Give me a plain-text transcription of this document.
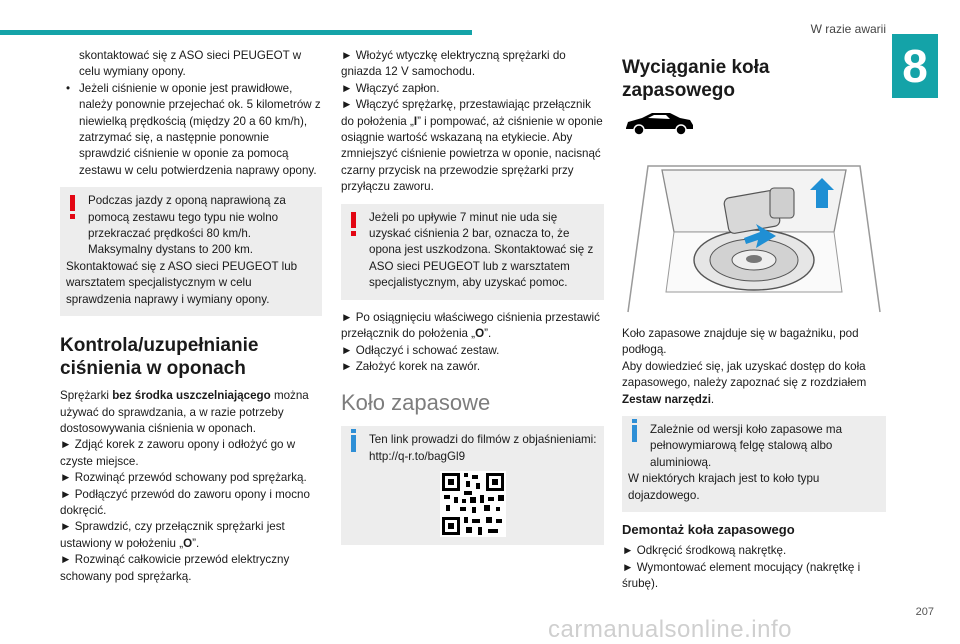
W razie awarii
8

skontaktować się z ASO sieci PEUGEOT w celu wymiany opony.

• Jeżeli ciśnienie w oponie jest prawidłowe, należy ponownie przejechać ok. 5 kilometrów z niewielką prędkością (między 20 a 60 km/h), zatrzymać się, a następnie ponownie sprawdzić ciśnienie w oponie za pomocą zestawu w celu potwierdzenia naprawy opony.

Podczas jazdy z oponą naprawioną za
pomocą zestawu tego typu nie wolno przekraczać prędkości 80 km/h. Maksymalny dystans to 200 km.
Skontaktować się z ASO sieci PEUGEOT lub warsztatem specjalistycznym w celu sprawdzenia naprawy i wymiany opony.
Kontrola/uzupełnianie ciśnienia w oponach

Sprężarki bez środka uszczelniającego można używać do sprawdzania, a w razie potrzeby dostosowywania ciśnienia w oponach.

► Zdjąć korek z zaworu opony i odłożyć go w czyste miejsce.

► Rozwinąć przewód schowany pod sprężarką.

► Podłączyć przewód do zaworu opony i mocno dokręcić.

► Sprawdzić, czy przełącznik sprężarki jest ustawiony w położeniu „O”.

► Rozwinąć całkowicie przewód elektryczny schowany pod sprężarką.

► Włożyć wtyczkę elektryczną sprężarki do gniazda 12 V samochodu.

► Włączyć zapłon.

► Włączyć sprężarkę, przestawiając przełącznik do położenia „I” i pompować, aż ciśnienie w oponie osiągnie wartość wskazaną na etykiecie. Aby zmniejszyć ciśnienie powietrza w oponie, nacisnąć czarny przycisk na przewodzie sprężarki przy przyłączu zaworu.

Jeżeli po upływie 7 minut nie uda się
uzyskać ciśnienia 2 bar, oznacza to, że opona jest uszkodzona. Skontaktować się z ASO sieci PEUGEOT lub z warsztatem specjalistycznym, aby uzyskać pomoc.

► Po osiągnięciu właściwego ciśnienia przestawić przełącznik do położenia „O”.

► Odłączyć i schować zestaw.

► Założyć korek na zawór.

Koło zapasowe
Ten link prowadzi do filmów z objaśnieniami:
http://q-r.to/bagGl9
Wyciąganie koła zapasowego

Koło zapasowe znajduje się w bagażniku, pod podłogą.

Aby dowiedzieć się, jak uzyskać dostęp do koła zapasowego, należy zapoznać się z rozdziałem Zestaw narzędzi.

Zależnie od wersji koło zapasowe ma
pełnowymiarową felgę stalową albo aluminiową.
W niektórych krajach jest to koło typu dojazdowego.
Demontaż koła zapasowego

► Odkręcić środkową nakrętkę.

► Wymontować element mocujący (nakrętkę i śrubę).

207
carmanualsonline.info
